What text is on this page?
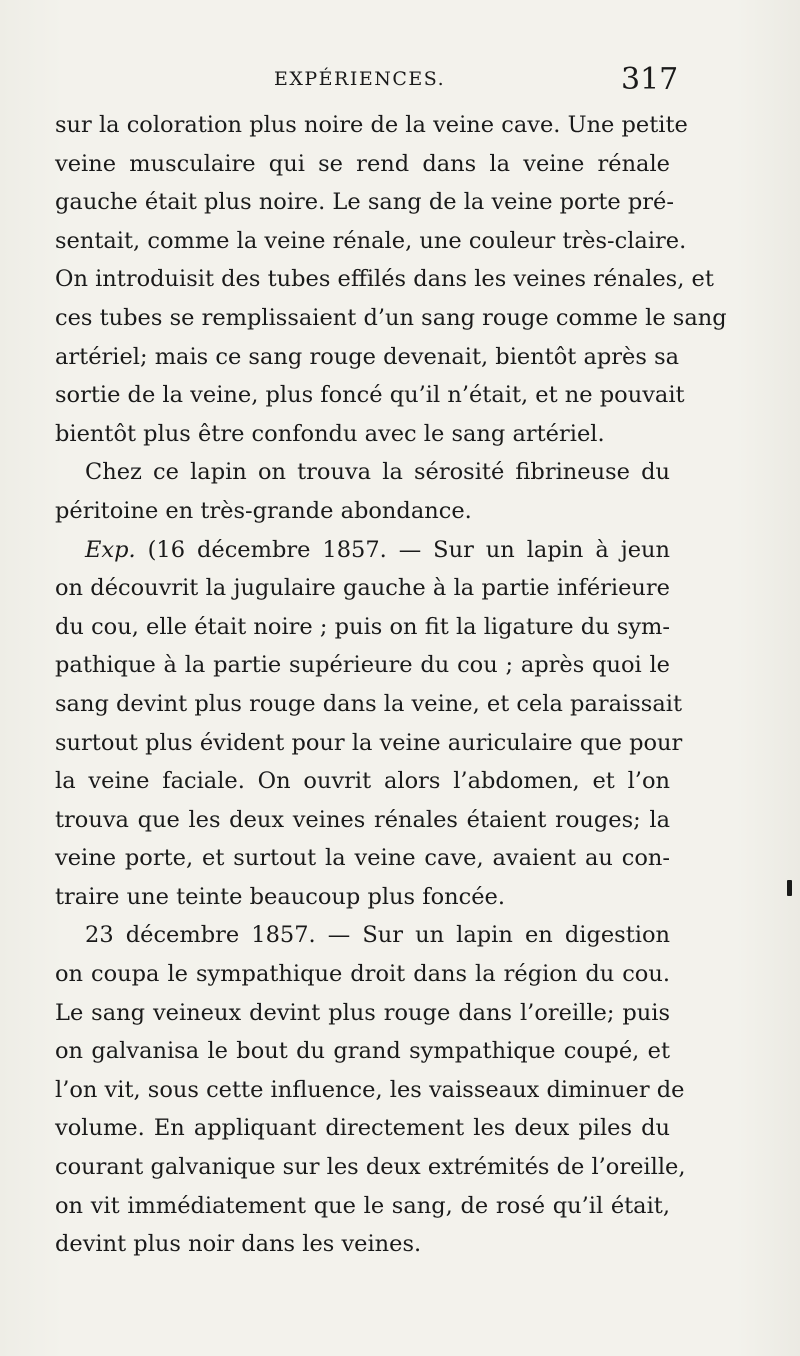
EXPÉRIENCES.	317
sur la coloration plus noire de la veine cave. Une petite
veine musculaire qui se rend dans la veine rénale
gauche était plus noire. Le sang de la veine porte pré-
sentait, comme la veine rénale, une couleur très-claire.
On introduisit des tubes effilés dans les veines rénales, et
ces tubes se remplissaient d’un sang rouge comme le sang
artériel; mais ce sang rouge devenait, bientôt après sa
sortie de la veine, plus foncé qu’il n’était, et ne pouvait
bientôt plus être confondu avec le sang artériel.
Chez ce lapin on trouva la sérosité fibrineuse du
péritoine en très-grande abondance.
Exp. (16 décembre 1857. — Sur un lapin à jeun
on découvrit la jugulaire gauche à la partie inférieure
du cou, elle était noire ; puis on fit la ligature du sym-
pathique à la partie supérieure du cou ; après quoi le
sang devint plus rouge dans la veine, et cela paraissait
surtout plus évident pour la veine auriculaire que pour
la veine faciale. On ouvrit alors l’abdomen, et l’on
trouva que les deux veines rénales étaient rouges; la
veine porte, et surtout la veine cave, avaient au con-
traire une teinte beaucoup plus foncée.
23 décembre 1857. — Sur un lapin en digestion
on coupa le sympathique droit dans la région du cou.
Le sang veineux devint plus rouge dans l’oreille; puis
on galvanisa le bout du grand sympathique coupé, et
l’on vit, sous cette influence, les vaisseaux diminuer de
volume. En appliquant directement les deux piles du
courant galvanique sur les deux extrémités de l’oreille,
on vit immédiatement que le sang, de rosé qu’il était,
devint plus noir dans les veines.
